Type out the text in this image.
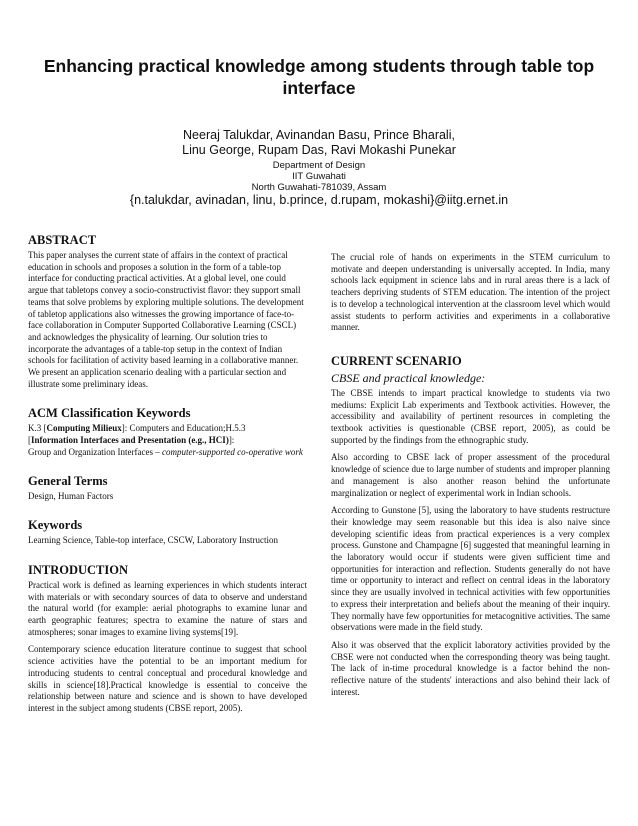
Enhancing practical knowledge among students through table top interface
Neeraj Talukdar, Avinandan Basu, Prince Bharali,
Linu George, Rupam Das, Ravi Mokashi Punekar
Department of Design
IIT Guwahati
North Guwahati-781039, Assam
{n.talukdar, avinadan, linu, b.prince, d.rupam, mokashi}@iitg.ernet.in
ABSTRACT

This paper analyses the current state of affairs in the context of practical education in schools and proposes a solution in the form of a table-top interface for conducting practical activities. At a global level, one could argue that tabletops convey a socio-constructivist flavor: they support small teams that solve problems by exploring multiple solutions. The development of tabletop applications also witnesses the growing importance of face-to-face collaboration in Computer Supported Collaborative Learning (CSCL) and acknowledges the physicality of learning. Our solution tries to incorporate the advantages of a table-top setup in the context of Indian schools for facilitation of activity based learning in a collaborative manner. We present an application scenario dealing with a particular section and illustrate some preliminary ideas.

ACM Classification Keywords

K.3 [Computing Milieux]: Computers and Education;H.5.3
[Information Interfaces and Presentation (e.g., HCI)]:
Group and Organization Interfaces – computer-supported co-operative work

General Terms

Design, Human Factors

Keywords

Learning Science, Table-top interface, CSCW, Laboratory Instruction

INTRODUCTION

Practical work is defined as learning experiences in which students interact with materials or with secondary sources of data to observe and understand the natural world (for example: aerial photographs to examine lunar and earth geographic features; spectra to examine the nature of stars and atmospheres; sonar images to examine living systems[19].

Contemporary science education literature continue to suggest that school science activities have the potential to be an important medium for introducing students to central conceptual and procedural knowledge and skills in science[18].Practical knowledge is essential to conceive the relationship between nature and science and is shown to have developed interest in the subject among students (CBSE report, 2005).

The crucial role of hands on experiments in the STEM curriculum to motivate and deepen understanding is universally accepted. In India, many schools lack equipment in science labs and in rural areas there is a lack of teachers depriving students of STEM education. The intention of the project is to develop a technological intervention at the classroom level which would assist students to perform activities and experiments in a collaborative manner.

CURRENT SCENARIO
CBSE and practical knowledge:

The CBSE intends to impart practical knowledge to students via two mediums: Explicit Lab experiments and Textbook activities. However, the accessibility and availability of pertinent resources in completing the textbook activities is questionable (CBSE report, 2005), as could be supported by the findings from the ethnographic study.

Also according to CBSE lack of proper assessment of the procedural knowledge of science due to large number of students and improper planning and management is also another reason behind the unfortunate marginalization or neglect of experimental work in Indian schools.

According to Gunstone [5], using the laboratory to have students restructure their knowledge may seem reasonable but this idea is also naive since developing scientific ideas from practical experiences is a very complex process. Gunstone and Champagne [6] suggested that meaningful learning in the laboratory would occur if students were given sufficient time and opportunities for interaction and reflection. Students generally do not have time or opportunity to interact and reflect on central ideas in the laboratory since they are usually involved in technical activities with few opportunities to express their interpretation and beliefs about the meaning of their inquiry. They normally have few opportunities for metacognitive activities. The same observations were made in the field study.

Also it was observed that the explicit laboratory activities provided by the CBSE were not conducted when the corresponding theory was being taught. The lack of in-time procedural knowledge is a factor behind the non-reflective nature of the students' interactions and also behind their lack of interest.
